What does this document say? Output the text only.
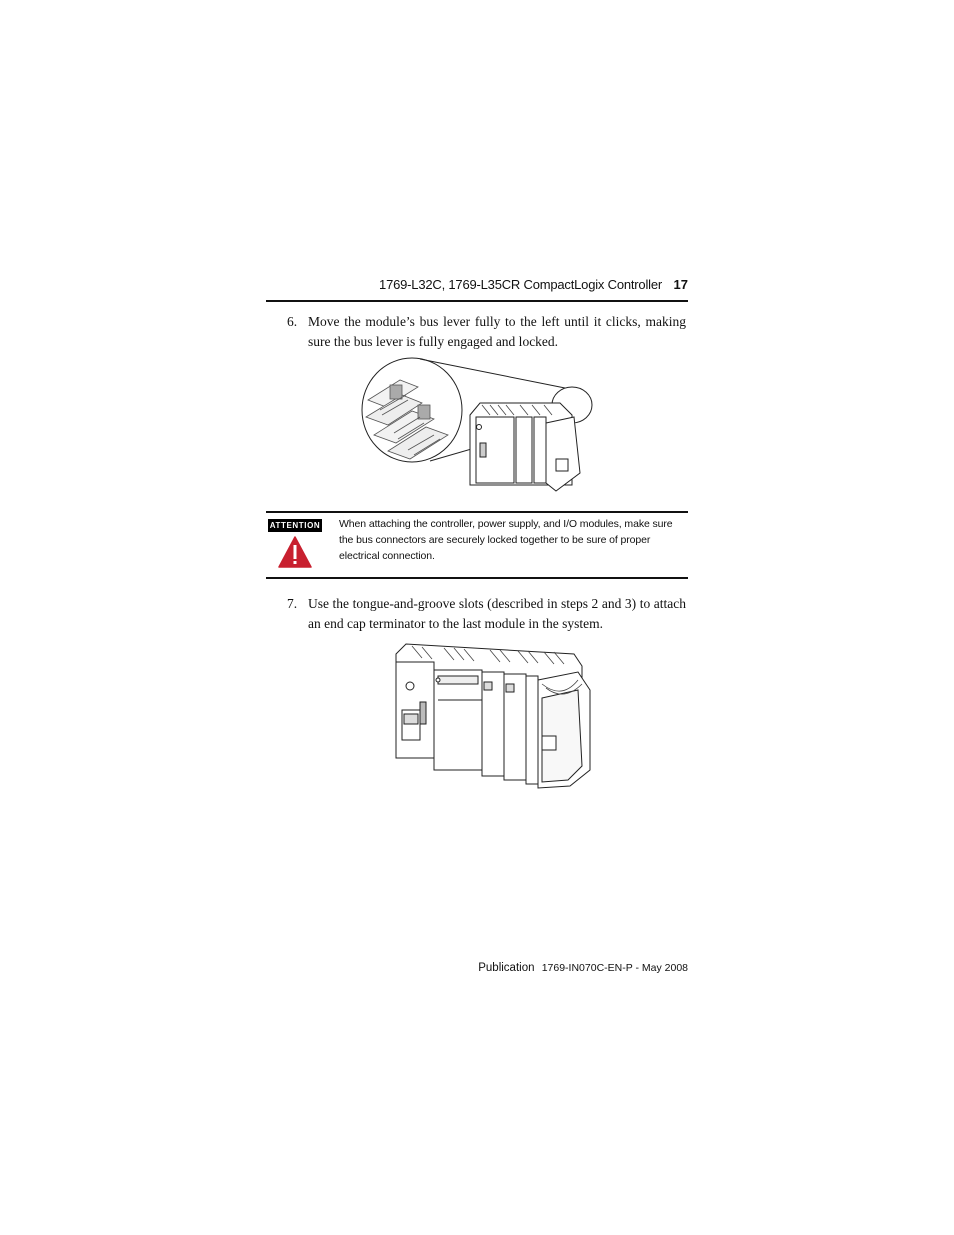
1769-L32C, 1769-L35CR CompactLogix Controller 17
6. Move the module’s bus lever fully to the left until it clicks, making sure the bus lever is fully engaged and locked.
ATTENTION When attaching the controller, power supply, and I/O modules, make sure the bus connectors are securely locked together to be sure of proper electrical connection.
7. Use the tongue-and-groove slots (described in steps 2 and 3) to attach an end cap terminator to the last module in the system.
Publication 1769-IN070C-EN-P - May 2008
